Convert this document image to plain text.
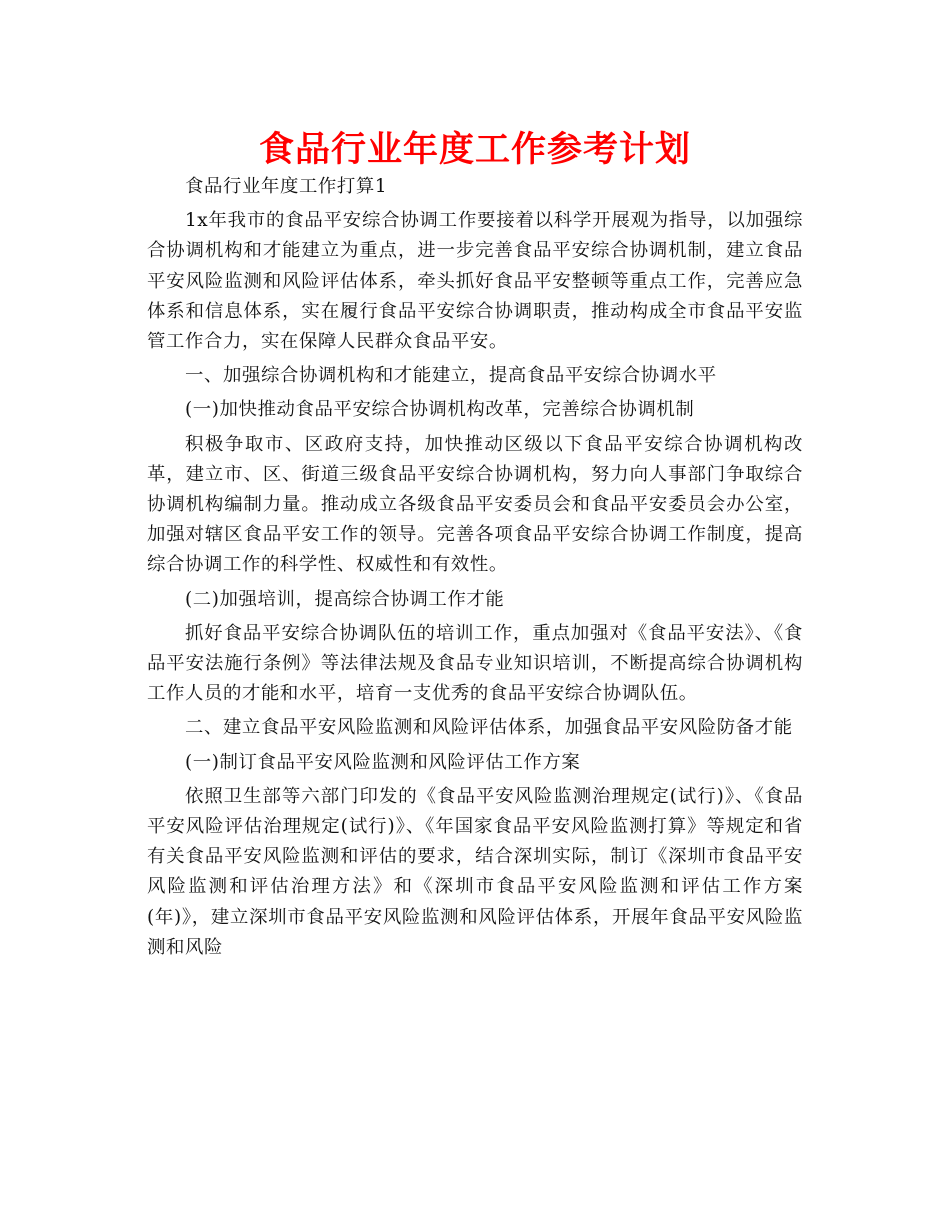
食品行业年度工作参考计划

食品行业年度工作打算1

1x年我市的食品平安综合协调工作要接着以科学开展观为指导，以加强综合协调机构和才能建立为重点，进一步完善食品平安综合协调机制，建立食品平安风险监测和风险评估体系，牵头抓好食品平安整顿等重点工作，完善应急体系和信息体系，实在履行食品平安综合协调职责，推动构成全市食品平安监管工作合力，实在保障人民群众食品平安。

一、加强综合协调机构和才能建立，提高食品平安综合协调水平

(一)加快推动食品平安综合协调机构改革，完善综合协调机制

积极争取市、区政府支持，加快推动区级以下食品平安综合协调机构改革，建立市、区、街道三级食品平安综合协调机构，努力向人事部门争取综合协调机构编制力量。推动成立各级食品平安委员会和食品平安委员会办公室，加强对辖区食品平安工作的领导。完善各项食品平安综合协调工作制度，提高综合协调工作的科学性、权威性和有效性。

(二)加强培训，提高综合协调工作才能

抓好食品平安综合协调队伍的培训工作，重点加强对《食品平安法》、《食品平安法施行条例》等法律法规及食品专业知识培训，不断提高综合协调机构工作人员的才能和水平，培育一支优秀的食品平安综合协调队伍。

二、建立食品平安风险监测和风险评估体系，加强食品平安风险防备才能

(一)制订食品平安风险监测和风险评估工作方案

依照卫生部等六部门印发的《食品平安风险监测治理规定(试行)》、《食品平安风险评估治理规定(试行)》、《年国家食品平安风险监测打算》等规定和省有关食品平安风险监测和评估的要求，结合深圳实际，制订《深圳市食品平安风险监测和评估治理方法》和《深圳市食品平安风险监测和评估工作方案(年)》，建立深圳市食品平安风险监测和风险评估体系，开展年食品平安风险监测和风险
